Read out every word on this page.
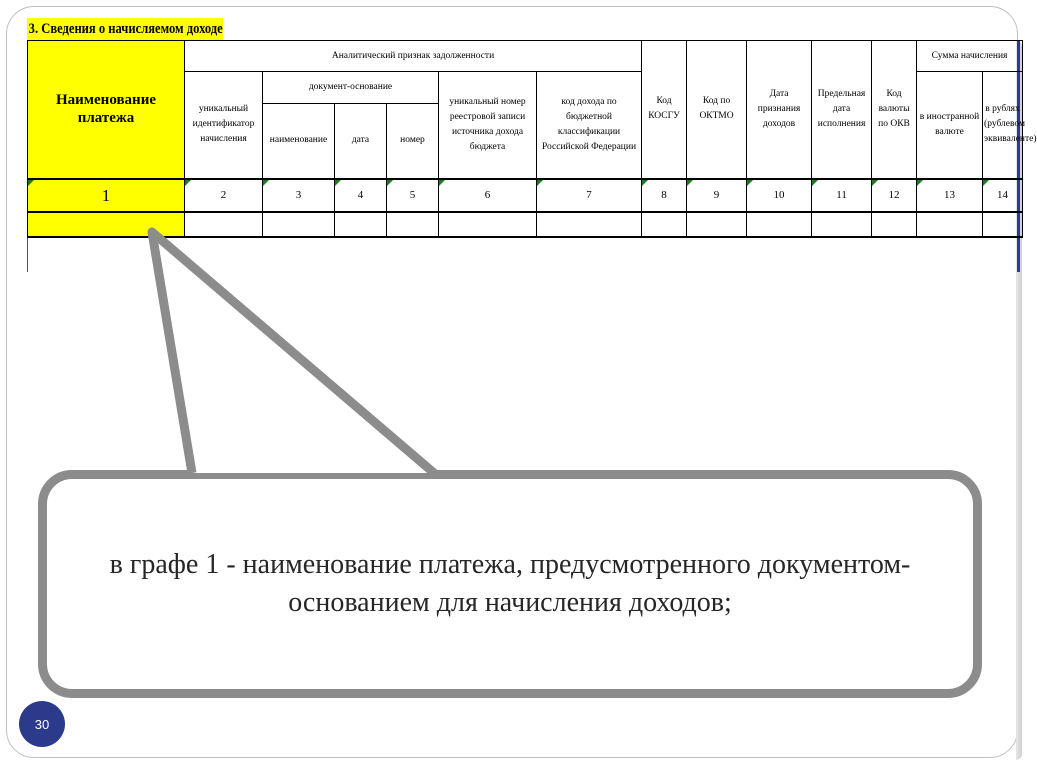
3. Сведения о начисляемом доходе
Наименование платежа	Аналитический признак задолженности						Код КОСГУ	Код по ОКТМО	Дата признания доходов	Предельная дата исполнения	Код валюты по ОКВ	Сумма начисления	
	уникальный идентификатор начисления	документ-основание			уникальный номер реестровой записи источника дохода бюджета	код дохода по бюджетной классификации Российской Федерации						в иностранной валюте	в рублях (рублевом эквиваленте)
		наименование	дата	номер									
1	2	3	4	5	6	7	8	9	10	11	12	13	14

в графе 1 - наименование платежа, предусмотренного документом-основанием для начисления доходов;
30
